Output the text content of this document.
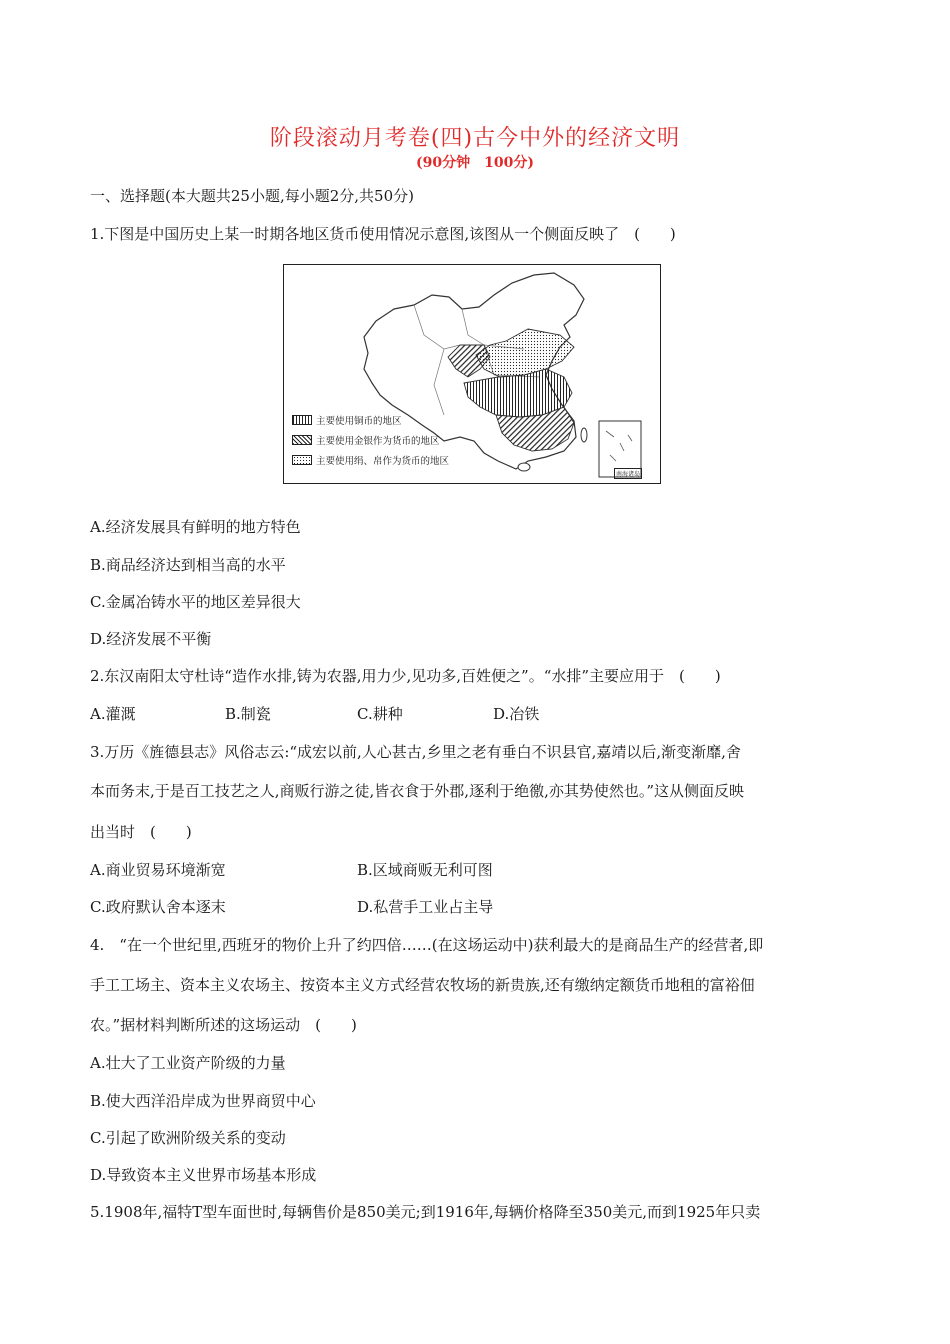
阶段滚动月考卷(四)古今中外的经济文明
(90分钟　100分)
一、选择题(本大题共25小题,每小题2分,共50分)
1.下图是中国历史上某一时期各地区货币使用情况示意图,该图从一个侧面反映了　(　　)
主要使用铜币的地区
主要使用金银作为货币的地区
主要使用绢、帛作为货币的地区
南海诸岛
A.经济发展具有鲜明的地方特色
B.商品经济达到相当高的水平
C.金属冶铸水平的地区差异很大
D.经济发展不平衡
2.东汉南阳太守杜诗“造作水排,铸为农器,用力少,见功多,百姓便之”。“水排”主要应用于　(　　)
A.灌溉	B.制瓷	C.耕种	D.冶铁
3.万历《旌德县志》风俗志云:“成宏以前,人心甚古,乡里之老有垂白不识县官,嘉靖以后,渐变渐靡,舍
本而务末,于是百工技艺之人,商贩行游之徒,皆衣食于外郡,逐利于绝徼,亦其势使然也。”这从侧面反映
出当时　(　　)
A.商业贸易环境渐宽	B.区域商贩无利可图
C.政府默认舍本逐末	D.私营手工业占主导
4.　“在一个世纪里,西班牙的物价上升了约四倍……(在这场运动中)获利最大的是商品生产的经营者,即
手工工场主、资本主义农场主、按资本主义方式经营农牧场的新贵族,还有缴纳定额货币地租的富裕佃
农。”据材料判断所述的这场运动　(　　)
A.壮大了工业资产阶级的力量
B.使大西洋沿岸成为世界商贸中心
C.引起了欧洲阶级关系的变动
D.导致资本主义世界市场基本形成
5.1908年,福特T型车面世时,每辆售价是850美元;到1916年,每辆价格降至350美元,而到1925年只卖
